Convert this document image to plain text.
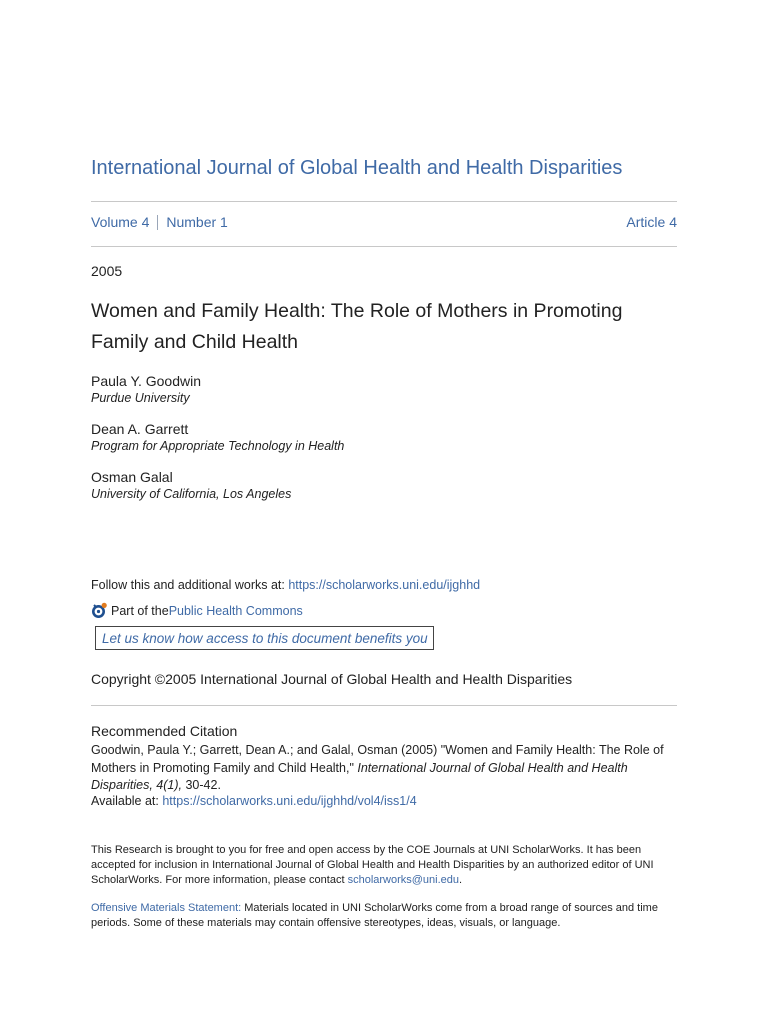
International Journal of Global Health and Health Disparities
Volume 4 Number 1	Article 4
2005
Women and Family Health: The Role of Mothers in Promoting Family and Child Health
Paula Y. Goodwin
Purdue University
Dean A. Garrett
Program for Appropriate Technology in Health
Osman Galal
University of California, Los Angeles
Follow this and additional works at: https://scholarworks.uni.edu/ijghhd
Part of the Public Health Commons
Let us know how access to this document benefits you
Copyright ©2005 International Journal of Global Health and Health Disparities
Recommended Citation
Goodwin, Paula Y.; Garrett, Dean A.; and Galal, Osman (2005) "Women and Family Health: The Role of Mothers in Promoting Family and Child Health," International Journal of Global Health and Health Disparities, 4(1), 30-42.
Available at: https://scholarworks.uni.edu/ijghhd/vol4/iss1/4
This Research is brought to you for free and open access by the COE Journals at UNI ScholarWorks. It has been accepted for inclusion in International Journal of Global Health and Health Disparities by an authorized editor of UNI ScholarWorks. For more information, please contact scholarworks@uni.edu.
Offensive Materials Statement: Materials located in UNI ScholarWorks come from a broad range of sources and time periods. Some of these materials may contain offensive stereotypes, ideas, visuals, or language.
